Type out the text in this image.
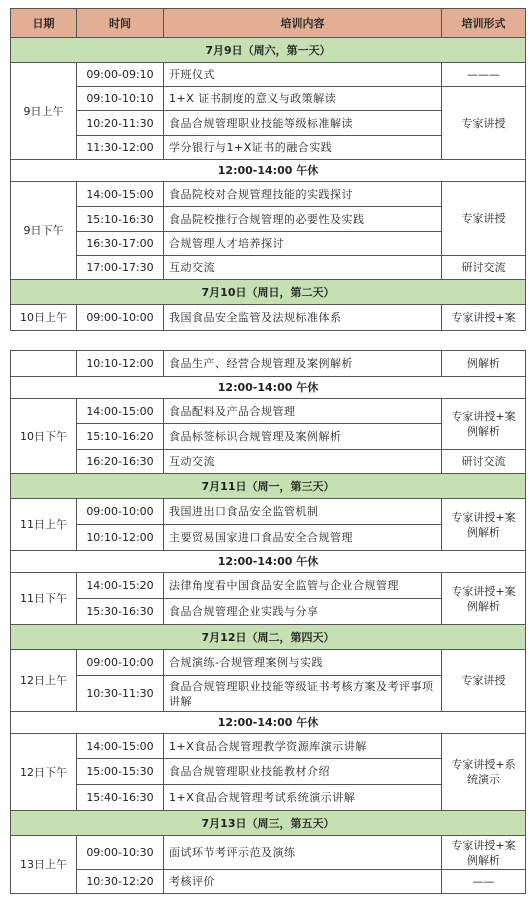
日期	时间	培训内容	培训形式
7月9日（周六，第一天）			
9日上午	09:00-09:10	开班仪式	———
	09:10-10:10	1+X 证书制度的意义与政策解读	专家讲授
	10:20-11:30	食品合规管理职业技能等级标准解读	
	11:30-12:00	学分银行与1+X证书的融合实践	
12:00-14:00 午休			
9日下午	14:00-15:00	食品院校对合规管理技能的实践探讨	专家讲授
	15:10-16:30	食品院校推行合规管理的必要性及实践	
	16:30-17:00	合规管理人才培养探讨	
	17:00-17:30	互动交流	研讨交流
7月10日（周日，第二天）			
10日上午	09:00-10:00	我国食品安全监管及法规标准体系	专家讲授+案
	10:10-12:00	食品生产、经营合规管理及案例解析	例解析
12:00-14:00 午休			
10日下午	14:00-15:00	食品配料及产品合规管理	专家讲授+案例解析
	15:10-16:20	食品标签标识合规管理及案例解析	
	16:20-16:30	互动交流	研讨交流
7月11日（周一，第三天）			
11日上午	09:00-10:00	我国进出口食品安全监管机制	专家讲授+案例解析
	10:10-12:00	主要贸易国家进口食品安全合规管理	
12:00-14:00 午休			
11日下午	14:00-15:20	法律角度看中国食品安全监管与企业合规管理	专家讲授+案例解析
	15:30-16:30	食品合规管理企业实践与分享	
7月12日（周二，第四天）			
12日上午	09:00-10:00	合规演练-合规管理案例与实践	专家讲授
	10:30-11:30	食品合规管理职业技能等级证书考核方案及考评事项讲解	
12:00-14:00 午休			
12日下午	14:00-15:00	1+X食品合规管理教学资源库演示讲解	专家讲授+系统演示
	15:00-15:30	食品合规管理职业技能教材介绍	
	15:40-16:30	1+X食品合规管理考试系统演示讲解	
7月13日（周三，第五天）			
13日上午	09:00-10:30	面试环节考评示范及演练	专家讲授+案例解析
	10:30-12:20	考核评价	——
